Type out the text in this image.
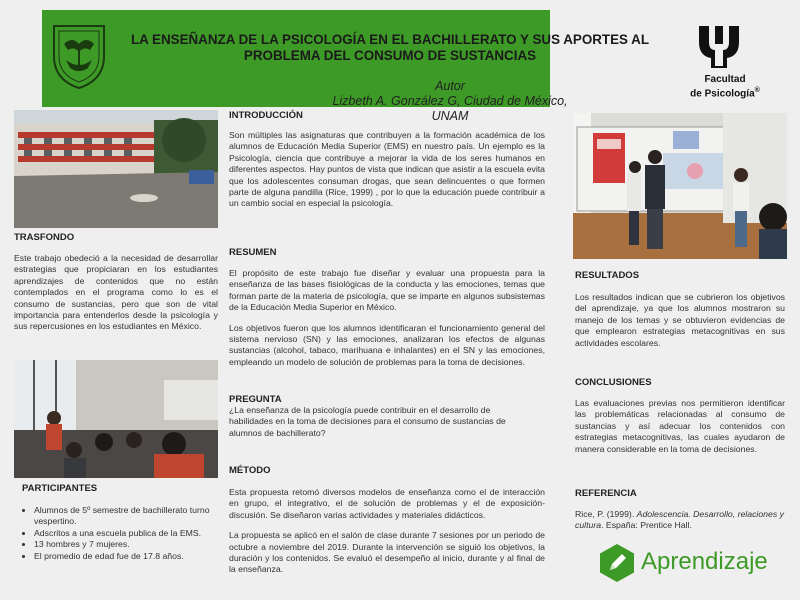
LA ENSEÑANZA DE LA PSICOLOGÍA EN EL BACHILLERATO Y SUS APORTES AL PROBLEMA DEL CONSUMO DE SUSTANCIAS
Autor
Lizbeth A. González G, Ciudad de México, UNAM
Facultad
de Psicología®
TRASFONDO
Este trabajo obedeció a la necesidad de desarrollar estrategias que propiciaran en los estudiantes aprendizajes de contenidos que no están contemplados en el programa como lo es el consumo de sustancias, pero que son de vital importancia para entenderlos desde la psicología y sus repercusiones en los estudiantes en México.
PARTICIPANTES
• Alumnos de 5º semestre de bachillerato turno vespertino.
• Adscritos a una escuela publica de la EMS.
• 13 hombres y 7 mujeres.
• El promedio de edad fue de 17.8 años.
INTRODUCCIÓN
Son múltiples las asignaturas que contribuyen a la formación académica de los alumnos de Educación Media Superior (EMS) en nuestro país. Un ejemplo es la Psicología, ciencia que contribuye a mejorar la vida de los seres humanos en diferentes aspectos. Hay puntos de vista que indican que asistir a la escuela evita que los adolescentes consuman drogas, que sean delincuentes o que formen parte de alguna pandilla (Rice, 1999) , por lo que la educación puede contribuir a un cambio social en especial la psicología.
RESUMEN

El propósito de este trabajo fue diseñar y evaluar una propuesta para la enseñanza de las bases fisiológicas de la conducta y las emociones, temas que forman parte de la materia de psicología, que se imparte en algunos subsistemas de la Educación Media Superior en México.

Los objetivos fueron que los alumnos identificaran el funcionamiento general del sistema nervioso (SN) y las emociones, analizaran los efectos de algunas sustancias (alcohol, tabaco, marihuana e inhalantes) en el SN y las emociones, empleando un modelo de solución de problemas para la toma de decisiones.

PREGUNTA
¿La enseñanza de la psicología puede contribuir en el desarrollo de habilidades en la toma de decisiones para el consumo de sustancias de alumnos de bachillerato?
MÉTODO

Esta propuesta retomó diversos modelos de enseñanza como el de interacción en grupo, el integrativo, el de solución de problemas y el de exposición- discusión. Se diseñaron varias actividades y materiales didácticos.

La propuesta se aplicó en el salón de clase durante 7 sesiones por un periodo de octubre a noviembre del 2019. Durante la intervención se siguió los objetivos, la duración y los contenidos. Se evaluó el desempeño al inicio, durante y al final de la enseñanza.

RESULTADOS
Los resultados indican que se cubrieron los objetivos del aprendizaje, ya que los alumnos mostraron su manejo de los temas y se obtuvieron evidencias de que emplearon estrategias metacognitivas en sus actividades escolares.
CONCLUSIONES
Las evaluaciones previas nos permitieron identificar las problemáticas relacionadas al consumo de sustancias y así adecuar los contenidos con estrategias metacognitivas, las cuales ayudaron de manera considerable en la toma de decisiones.
REFERENCIA
Rice, P. (1999). Adolescencia. Desarrollo, relaciones y cultura. España: Prentice Hall.
Aprendizaje
